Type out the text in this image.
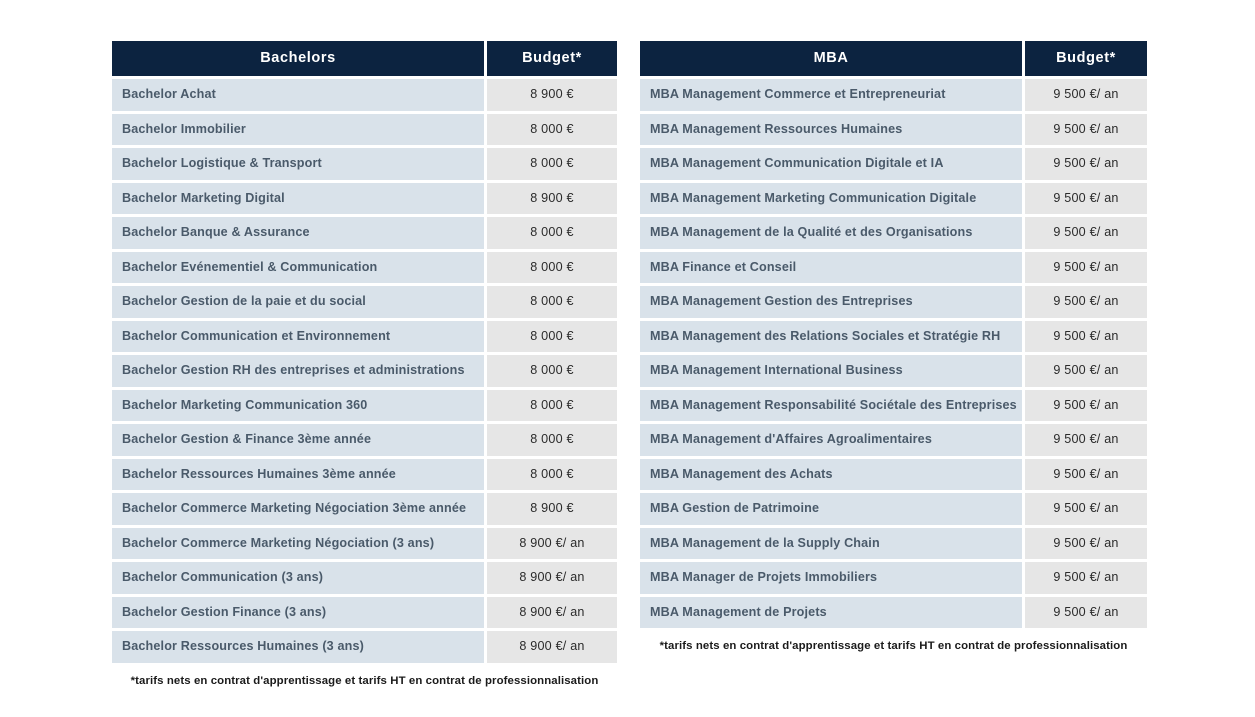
Bachelors	Budget*
Bachelor Achat	8 900 €
Bachelor Immobilier	8 000 €
Bachelor Logistique & Transport	8 000 €
Bachelor Marketing Digital	8 900 €
Bachelor Banque & Assurance	8 000 €
Bachelor Evénementiel & Communication	8 000 €
Bachelor Gestion de la paie et du social	8 000 €
Bachelor Communication et Environnement	8 000 €
Bachelor Gestion RH des entreprises et administrations	8 000 €
Bachelor Marketing Communication 360	8 000 €
Bachelor Gestion & Finance 3ème année	8 000 €
Bachelor Ressources Humaines 3ème année	8 000 €
Bachelor Commerce Marketing Négociation 3ème année	8 900 €
Bachelor Commerce Marketing Négociation (3 ans)	8 900 €/ an
Bachelor Communication (3 ans)	8 900 €/ an
Bachelor Gestion Finance (3 ans)	8 900 €/ an
Bachelor Ressources Humaines (3 ans)	8 900 €/ an
*tarifs nets en contrat d'apprentissage et tarifs HT en contrat de professionnalisation
MBA	Budget*
MBA Management Commerce et Entrepreneuriat	9 500 €/ an
MBA Management Ressources Humaines	9 500 €/ an
MBA Management Communication Digitale et IA	9 500 €/ an
MBA Management Marketing Communication Digitale	9 500 €/ an
MBA Management de la Qualité et des Organisations	9 500 €/ an
MBA Finance et Conseil	9 500 €/ an
MBA Management Gestion des Entreprises	9 500 €/ an
MBA Management des Relations Sociales et Stratégie RH	9 500 €/ an
MBA Management International Business	9 500 €/ an
MBA Management Responsabilité Sociétale des Entreprises	9 500 €/ an
MBA Management d'Affaires Agroalimentaires	9 500 €/ an
MBA Management des Achats	9 500 €/ an
MBA Gestion de Patrimoine	9 500 €/ an
MBA Management de la Supply Chain	9 500 €/ an
MBA Manager de Projets Immobiliers	9 500 €/ an
MBA Management de Projets	9 500 €/ an
*tarifs nets en contrat d'apprentissage et tarifs HT en contrat de professionnalisation
